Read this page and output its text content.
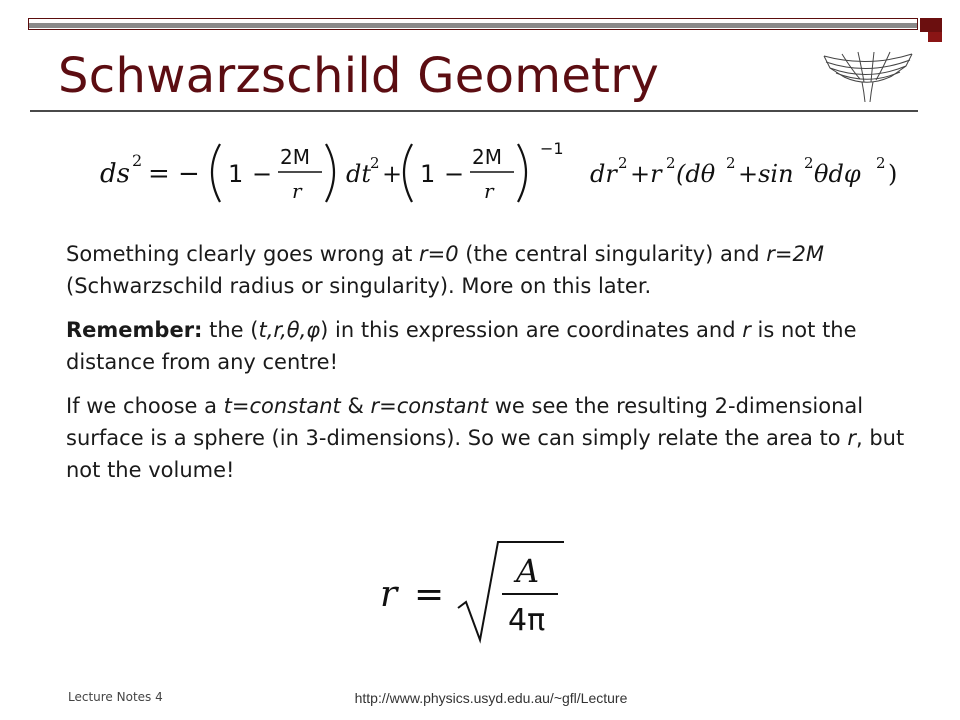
Schwarzschild Geometry
ds 2 = − 1 −
2M
r
dt
2 + 1 −
2M
r
−1
dr 2 +r 2 (dθ 2 +sin 2 θdφ 2 )

Something clearly goes wrong at r=0 (the central singularity) and r=2M (Schwarzschild radius or singularity). More on this later.

Remember: the (t,r,θ,φ) in this expression are coordinates and r is not the distance from any centre!

If we choose a t=constant & r=constant we see the resulting 2-dimensional surface is a sphere (in 3-dimensions). So we can simply relate the area to r, but not the volume!

r =
A
4π
Lecture Notes 4	http://www.physics.usyd.edu.au/~gfl/Lecture
